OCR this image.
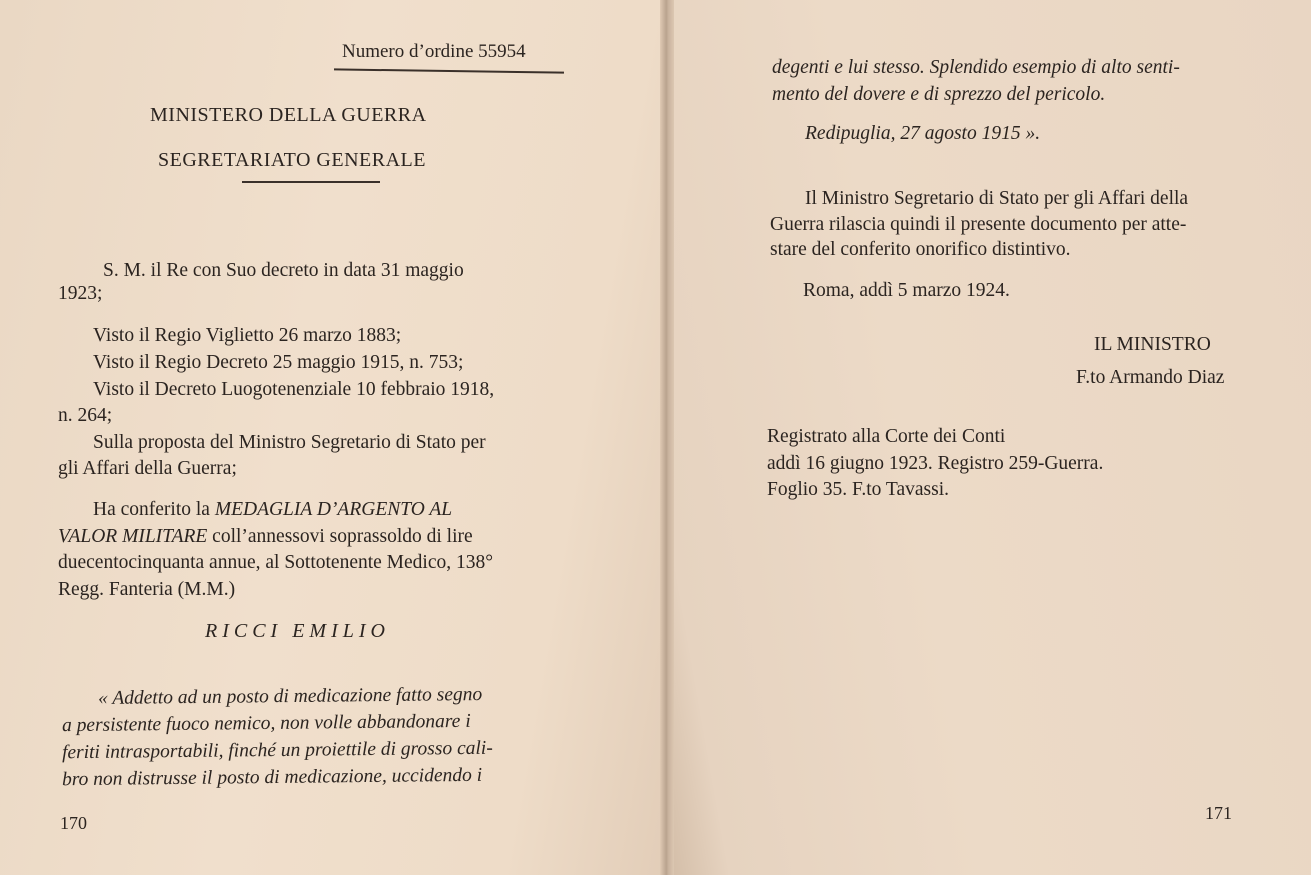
Numero d’ordine 55954
MINISTERO DELLA GUERRA
SEGRETARIATO GENERALE
S. M. il Re con Suo decreto in data 31 maggio
1923;
Visto il Regio Viglietto 26 marzo 1883;
Visto il Regio Decreto 25 maggio 1915, n. 753;
Visto il Decreto Luogotenenziale 10 febbraio 1918,
n. 264;
Sulla proposta del Ministro Segretario di Stato per
gli Affari della Guerra;
Ha conferito la MEDAGLIA D’ARGENTO AL
VALOR MILITARE coll’annessovi soprassoldo di lire
duecentocinquanta annue, al Sottotenente Medico, 138°
Regg. Fanteria (M.M.)
RICCI EMILIO
« Addetto ad un posto di medicazione fatto segno
a persistente fuoco nemico, non volle abbandonare i
feriti intrasportabili, finché un proiettile di grosso cali-
bro non distrusse il posto di medicazione, uccidendo i
170
degenti e lui stesso. Splendido esempio di alto senti-
mento del dovere e di sprezzo del pericolo.
Redipuglia, 27 agosto 1915 ».
Il Ministro Segretario di Stato per gli Affari della
Guerra rilascia quindi il presente documento per atte-
stare del conferito onorifico distintivo.
Roma, addì 5 marzo 1924.
IL MINISTRO
F.to Armando Diaz
Registrato alla Corte dei Conti
addì 16 giugno 1923. Registro 259-Guerra.
Foglio 35. F.to Tavassi.
171
